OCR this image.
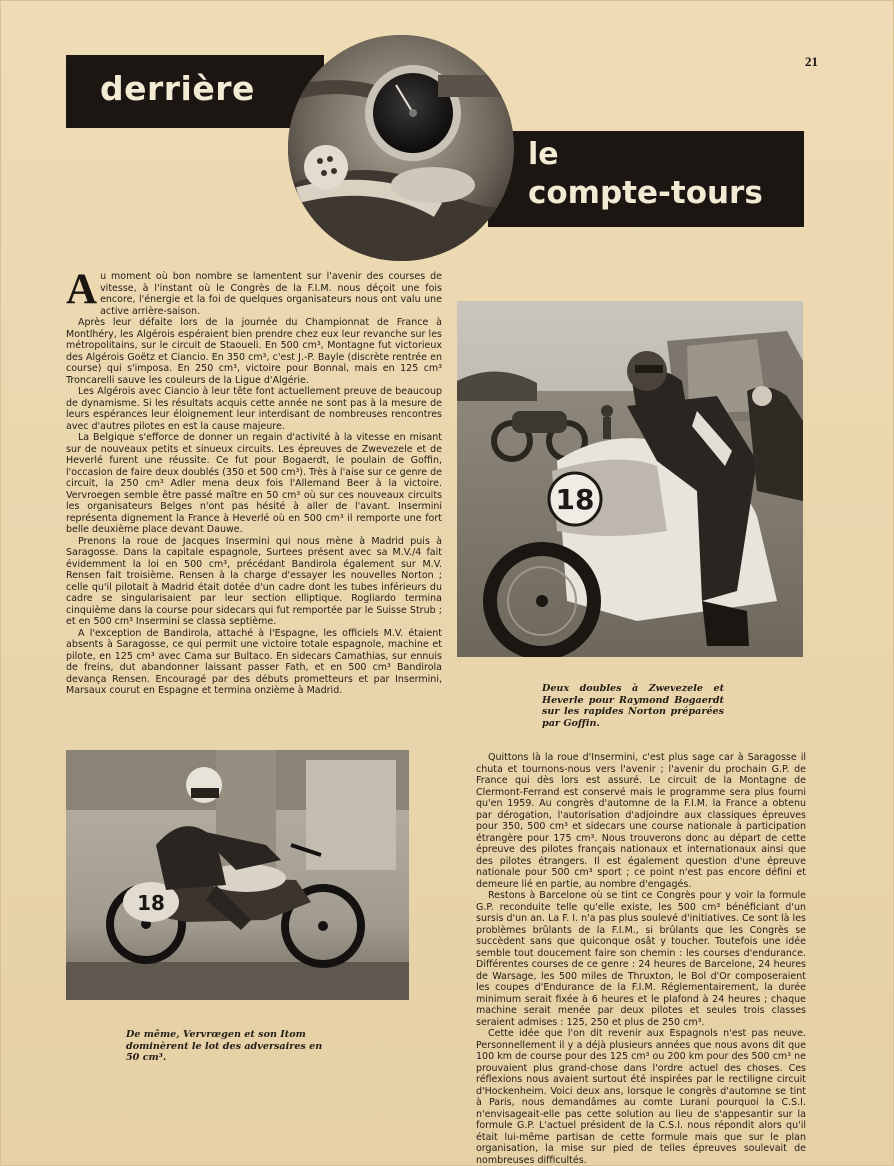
21
derrière
le
compte-tours

Au moment où bon nombre se lamentent sur l'avenir des courses de vitesse, à l'instant où le Congrès de la F.I.M. nous déçoit une fois encore, l'énergie et la foi de quelques organisateurs nous ont valu une active arrière-saison.

Après leur défaite lors de la journée du Championnat de France à Montlhéry, les Algérois espéraient bien prendre chez eux leur revanche sur les métropolitains, sur le circuit de Staoueli. En 500 cm³, Montagne fut victorieux des Algérois Goëtz et Ciancio. En 350 cm³, c'est J.-P. Bayle (discrète rentrée en course) qui s'imposa. En 250 cm³, victoire pour Bonnal, mais en 125 cm³ Troncarelli sauve les couleurs de la Ligue d'Algérie.

Les Algérois avec Ciancio à leur tête font actuellement preuve de beaucoup de dynamisme. Si les résultats acquis cette année ne sont pas à la mesure de leurs espérances leur éloignement leur interdisant de nombreuses rencontres avec d'autres pilotes en est la cause majeure.

La Belgique s'efforce de donner un regain d'activité à la vitesse en misant sur de nouveaux petits et sinueux circuits. Les épreuves de Zwevezele et de Heverlé furent une réussite. Ce fut pour Bogaerdt, le poulain de Goffin, l'occasion de faire deux doublés (350 et 500 cm³). Très à l'aise sur ce genre de circuit, la 250 cm³ Adler mena deux fois l'Allemand Beer à la victoire. Vervroegen semble être passé maître en 50 cm³ où sur ces nouveaux circuits les organisateurs Belges n'ont pas hésité à aller de l'avant. Insermini représenta dignement la France à Heverlé où en 500 cm³ il remporte une fort belle deuxième place devant Dauwe.

Prenons la roue de Jacques Insermini qui nous mène à Madrid puis à Saragosse. Dans la capitale espagnole, Surtees présent avec sa M.V./4 fait évidemment la loi en 500 cm³, précédant Bandirola également sur M.V. Rensen fait troisième. Rensen à la charge d'essayer les nouvelles Norton ; celle qu'il pilotait à Madrid était dotée d'un cadre dont les tubes inférieurs du cadre se singularisaient par leur section elliptique. Rogliardo termina cinquième dans la course pour sidecars qui fut remportée par le Suisse Strub ; et en 500 cm³ Insermini se classa septième.

A l'exception de Bandirola, attaché à l'Espagne, les officiels M.V. étaient absents à Saragosse, ce qui permit une victoire totale espagnole, machine et pilote, en 125 cm³ avec Cama sur Bultaco. En sidecars Camathias, sur ennuis de freins, dut abandonner laissant passer Fath, et en 500 cm³ Bandirola devança Rensen. Encouragé par des débuts prometteurs et par Insermini, Marsaux courut en Espagne et termina onzième à Madrid.

18
Deux doubles à Zwevezele et Heverle pour Raymond Bogaerdt sur les rapides Norton préparées par Goffin.
18
De même, Vervrœgen et son Itom dominèrent le lot des adversaires en 50 cm³.

Quittons là la roue d'Insermini, c'est plus sage car à Saragosse il chuta et tournons-nous vers l'avenir ; l'avenir du prochain G.P. de France qui dès lors est assuré. Le circuit de la Montagne de Clermont-Ferrand est conservé mais le programme sera plus fourni qu'en 1959. Au congrès d'automne de la F.I.M. la France a obtenu par dérogation, l'autorisation d'adjoindre aux classiques épreuves pour 350, 500 cm³ et sidecars une course nationale à participation étrangère pour 175 cm³. Nous trouverons donc au départ de cette épreuve des pilotes français nationaux et internationaux ainsi que des pilotes étrangers. Il est également question d'une épreuve nationale pour 500 cm³ sport ; ce point n'est pas encore défini et demeure lié en partie, au nombre d'engagés.

Restons à Barcelone où se tint ce Congrès pour y voir la formule G.P. reconduite telle qu'elle existe, les 500 cm³ bénéficiant d'un sursis d'un an. La F. I. n'a pas plus soulevé d'initiatives. Ce sont là les problèmes brûlants de la F.I.M., si brûlants que les Congrès se succèdent sans que quiconque osât y toucher. Toutefois une idée semble tout doucement faire son chemin : les courses d'endurance. Différentes courses de ce genre : 24 heures de Barcelone, 24 heures de Warsage, les 500 miles de Thruxton, le Bol d'Or composeraient les coupes d'Endurance de la F.I.M. Réglementairement, la durée minimum serait fixée à 6 heures et le plafond à 24 heures ; chaque machine serait menée par deux pilotes et seules trois classes seraient admises : 125, 250 et plus de 250 cm³.

Cette idée que l'on dit revenir aux Espagnols n'est pas neuve. Personnellement il y a déjà plusieurs années que nous avons dit que 100 km de course pour des 125 cm³ ou 200 km pour des 500 cm³ ne prouvaient plus grand-chose dans l'ordre actuel des choses. Ces réflexions nous avaient surtout été inspirées par le rectiligne circuit d'Hockenheim. Voici deux ans, lorsque le congrès d'automne se tint à Paris, nous demandâmes au comte Lurani pourquoi la C.S.I. n'envisageait-elle pas cette solution au lieu de s'appesantir sur la formule G.P. L'actuel président de la C.S.I. nous répondit alors qu'il était lui-même partisan de cette formule mais que sur le plan organisation, la mise sur pied de telles épreuves soulevait de nombreuses difficultés.
